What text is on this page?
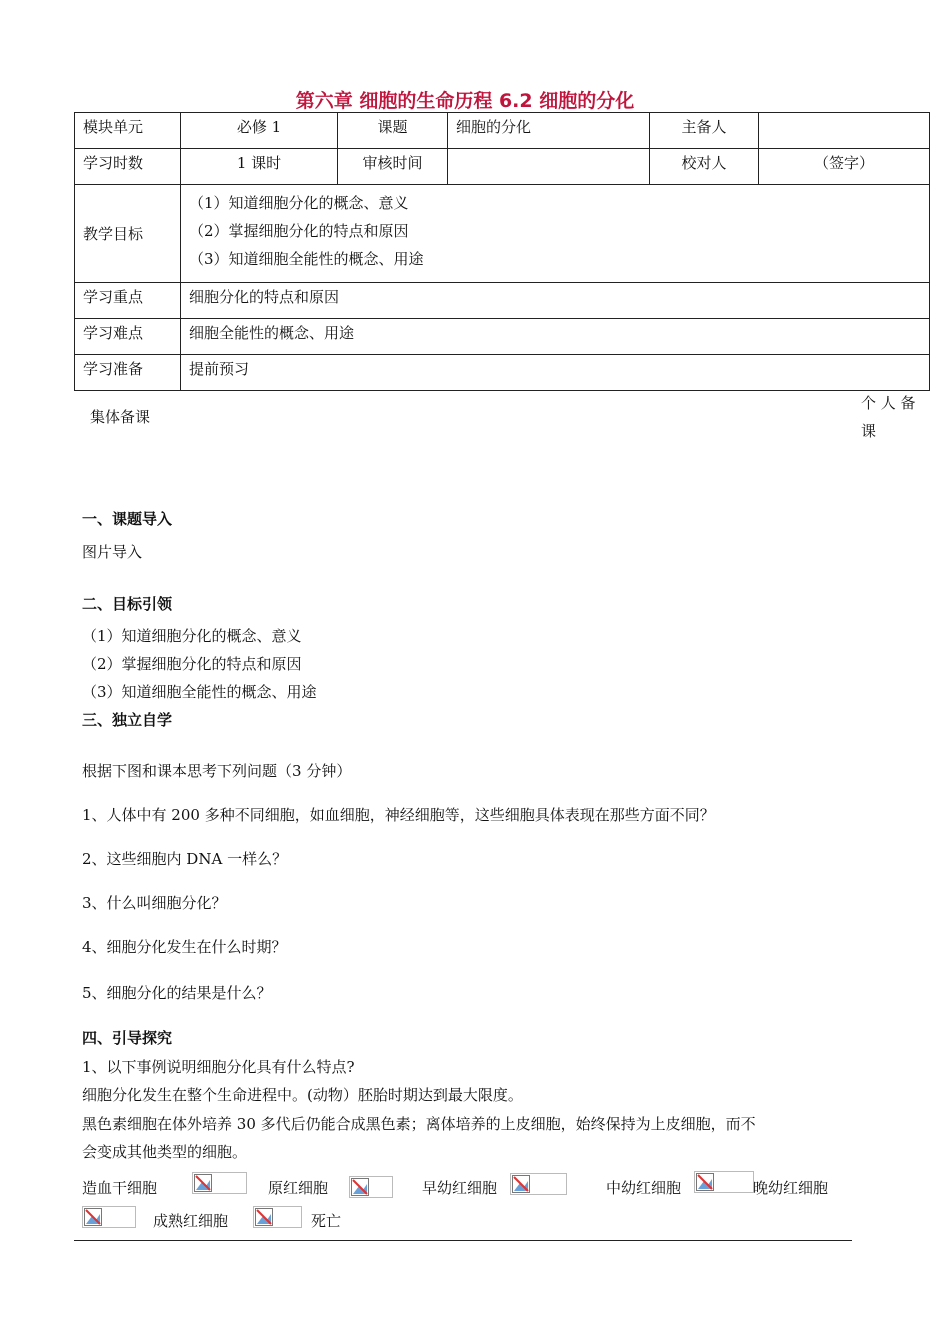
第六章 细胞的生命历程 6.2 细胞的分化
模块单元	必修 1	课题	细胞的分化	主备人	
学习时数	1 课时	审核时间		校对人	（签字）
教学目标	（1）知道细胞分化的概念、意义
（2）掌握细胞分化的特点和原因
（3）知道细胞全能性的概念、用途				

学习重点	细胞分化的特点和原因				
学习难点	细胞全能性的概念、用途				
学习准备	提前预习				
集体备课
个 人 备
课
一、课题导入
图片导入
二、目标引领
（1）知道细胞分化的概念、意义
（2）掌握细胞分化的特点和原因
（3）知道细胞全能性的概念、用途
三、独立自学
根据下图和课本思考下列问题（3 分钟）
1、人体中有 200 多种不同细胞，如血细胞，神经细胞等，这些细胞具体表现在那些方面不同？
2、这些细胞内 DNA 一样么？
3、什么叫细胞分化？
4、细胞分化发生在什么时期？
5、细胞分化的结果是什么？
四、引导探究
1、以下事例说明细胞分化具有什么特点?
细胞分化发生在整个生命进程中。(动物）胚胎时期达到最大限度。
黑色素细胞在体外培养 30 多代后仍能合成黑色素；离体培养的上皮细胞，始终保持为上皮细胞，而不
会变成其他类型的细胞。
造血干细胞	原红细胞	早幼红细胞	中幼红细胞	晚幼红细胞
成熟红细胞	死亡
